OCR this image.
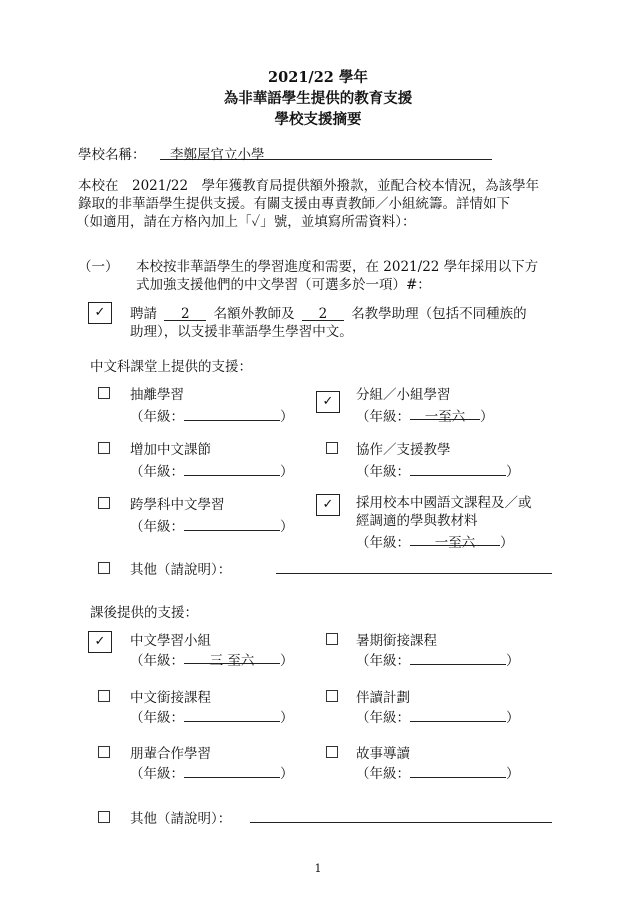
2021/22 學年
為非華語學生提供的教育支援
學校支援摘要
學校名稱：	李鄭屋官立小學
本校在　2021/22　學年獲教育局提供額外撥款，並配合校本情況，為該學年
錄取的非華語學生提供支援。有關支援由專責教師／小組統籌。詳情如下
（如適用，請在方格內加上「✓」號，並填寫所需資料）：
（一） 本校按非華語學生的學習進度和需要，在 2021/22 學年採用以下方
式加強支援他們的中文學習（可選多於一項）#：
✓	聘請 2 名額外教師及 2 名教學助理（包括不同種族的
助理），以支援非華語學生學習中文。
中文科課堂上提供的支援：
抽離學習
（年級：	）
✓	分組／小組學習
（年級： 一至六 ）
增加中文課節
（年級：	）
協作／支援教學
（年級：	）
跨學科中文學習
（年級：	）
✓	採用校本中國語文課程及／或
經調適的學與教材料
（年級： 一至六 ）
其他（請說明）：
課後提供的支援：
✓	中文學習小組
（年級： 三 至六 ）
暑期銜接課程
（年級：	）
中文銜接課程
（年級：	）
伴讀計劃
（年級：	）
朋輩合作學習
（年級：	）
故事導讀
（年級：	）
其他（請說明）：
1
